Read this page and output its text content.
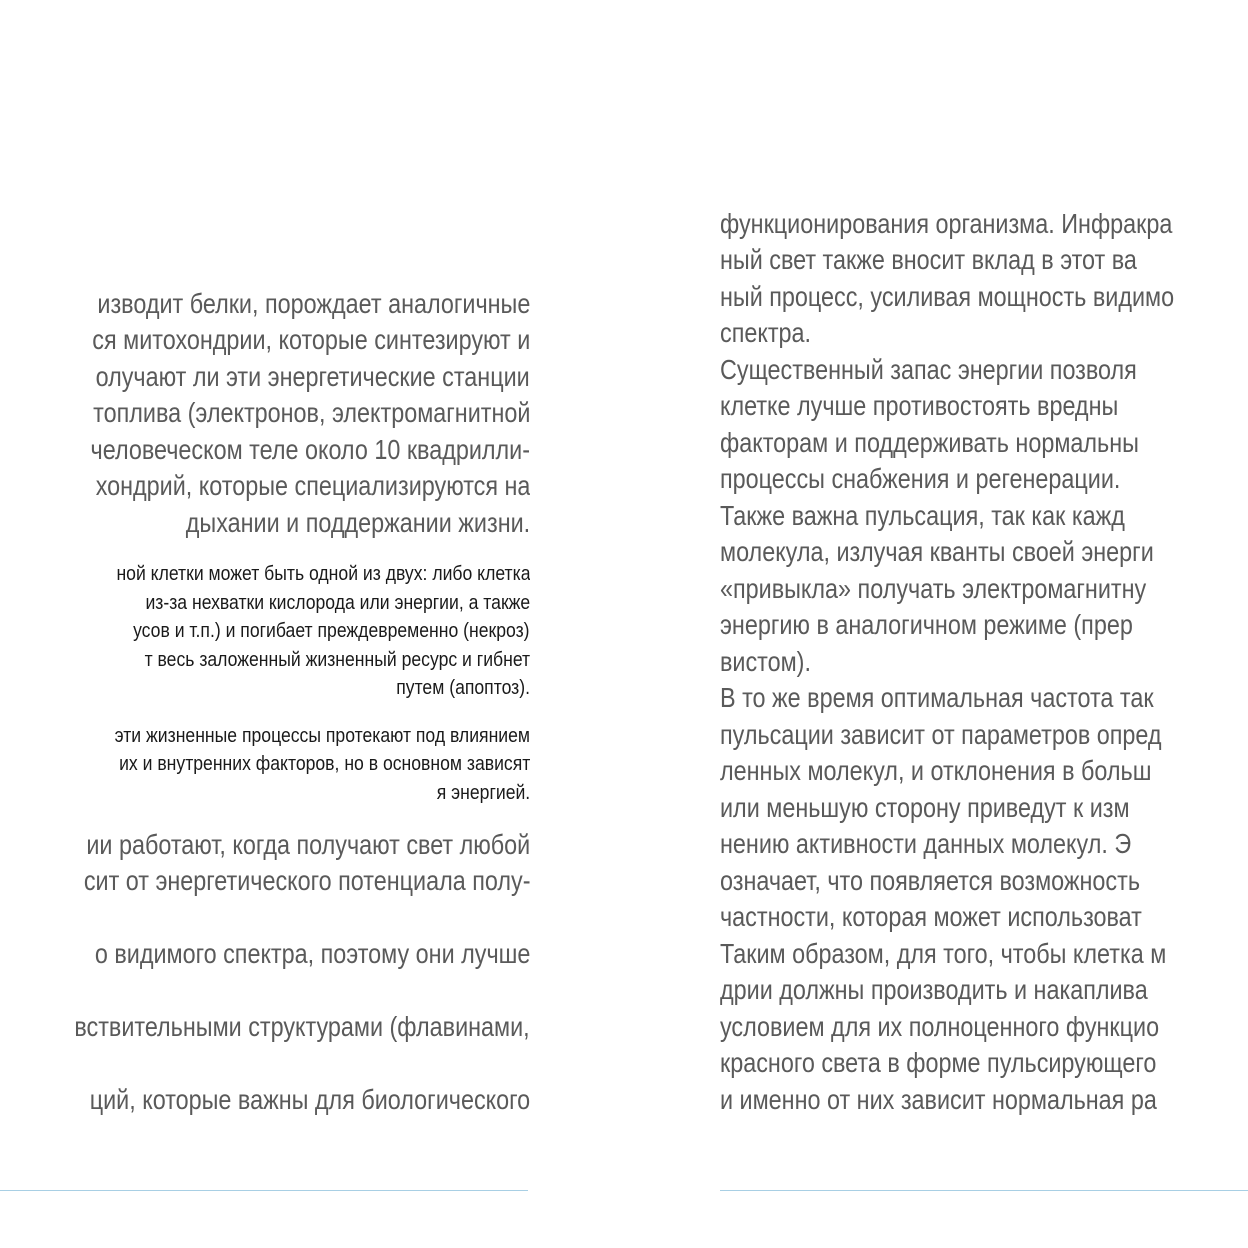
изводит белки, порождает аналогичные
ся митохондрии, которые синтезируют и
олучают ли эти энергетические станции
топлива (электронов, электромагнитной
человеческом теле около 10 квадрилли-
хондрий, которые специализируются на
дыхании и поддержании жизни.
ной клетки может быть одной из двух: либо клетка
из-за нехватки кислорода или энергии, а также
усов и т.п.) и погибает преждевременно (некроз)
т весь заложенный жизненный ресурс и гибнет
путем (апоптоз).
эти жизненные процессы протекают под влиянием
их и внутренних факторов, но в основном зависят
я энергией.
ии работают, когда получают свет любой
сит от энергетического потенциала полу-
о видимого спектра, поэтому они лучше
вствительными структурами (флавинами,
ций, которые важны для биологического
функционирования организма. Инфракра
ный свет также вносит вклад в этот ва
ный процесс, усиливая мощность видимо
спектра.
Существенный запас энергии позволя
клетке лучше противостоять вредны
факторам и поддерживать нормальны
процессы снабжения и регенерации.
Также важна пульсация, так как кажд
молекула, излучая кванты своей энерги
«привыкла» получать электромагнитну
энергию в аналогичном режиме (прер
вистом).
В то же время оптимальная частота так
пульсации зависит от параметров опред
ленных молекул, и отклонения в больш
или меньшую сторону приведут к изм
нению активности данных молекул. Э
означает, что появляется возможность
частности, которая может использоват
Таким образом, для того, чтобы клетка м
дрии должны производить и накаплива
условием для их полноценного функцио
красного света в форме пульсирующего
и именно от них зависит нормальная ра
